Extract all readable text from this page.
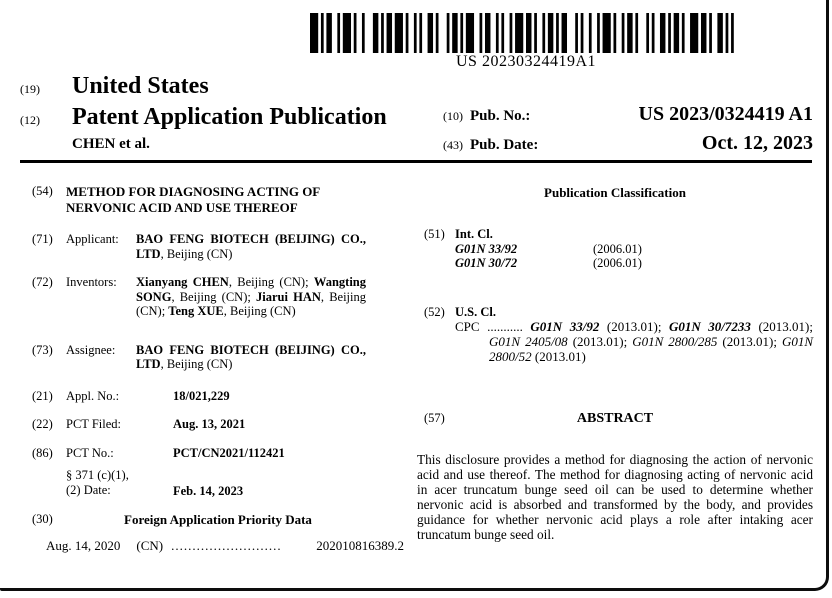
US 20230324419A1
(19)	United States
(12)	Patent Application Publication
CHEN et al.
(10) Pub. No.:	US 2023/0324419 A1
(43) Pub. Date:	Oct. 12, 2023
(54)	METHOD FOR DIAGNOSING ACTING OF NERVONIC ACID AND USE THEREOF
(71)	Applicant:	BAO FENG BIOTECH (BEIJING) CO., LTD, Beijing (CN)
(72)	Inventors:	Xianyang CHEN, Beijing (CN); Wangting SONG, Beijing (CN); Jiarui HAN, Beijing (CN); Teng XUE, Beijing (CN)
(73)	Assignee:	BAO FENG BIOTECH (BEIJING) CO., LTD, Beijing (CN)
(21)	Appl. No.:	18/021,229
(22)	PCT Filed:	Aug. 13, 2021
(86)	PCT No.:	PCT/CN2021/112421
§ 371 (c)(1),
(2) Date:	Feb. 14, 2023
(30)	Foreign Application Priority Data
Aug. 14, 2020 (CN) ..........................	202010816389.2
Publication Classification
(51) Int. Cl.
G01N 33/92	(2006.01)
G01N 30/72	(2006.01)
(52) U.S. Cl.
CPC ........... G01N 33/92 (2013.01); G01N 30/7233 (2013.01); G01N 2405/08 (2013.01); G01N 2800/285 (2013.01); G01N 2800/52 (2013.01)
(57)	ABSTRACT
This disclosure provides a method for diagnosing the action of nervonic acid and use thereof. The method for diagnosing acting of nervonic acid in acer truncatum bunge seed oil can be used to determine whether nervonic acid is absorbed and transformed by the body, and provides guidance for whether nervonic acid plays a role after intaking acer truncatum bunge seed oil.
